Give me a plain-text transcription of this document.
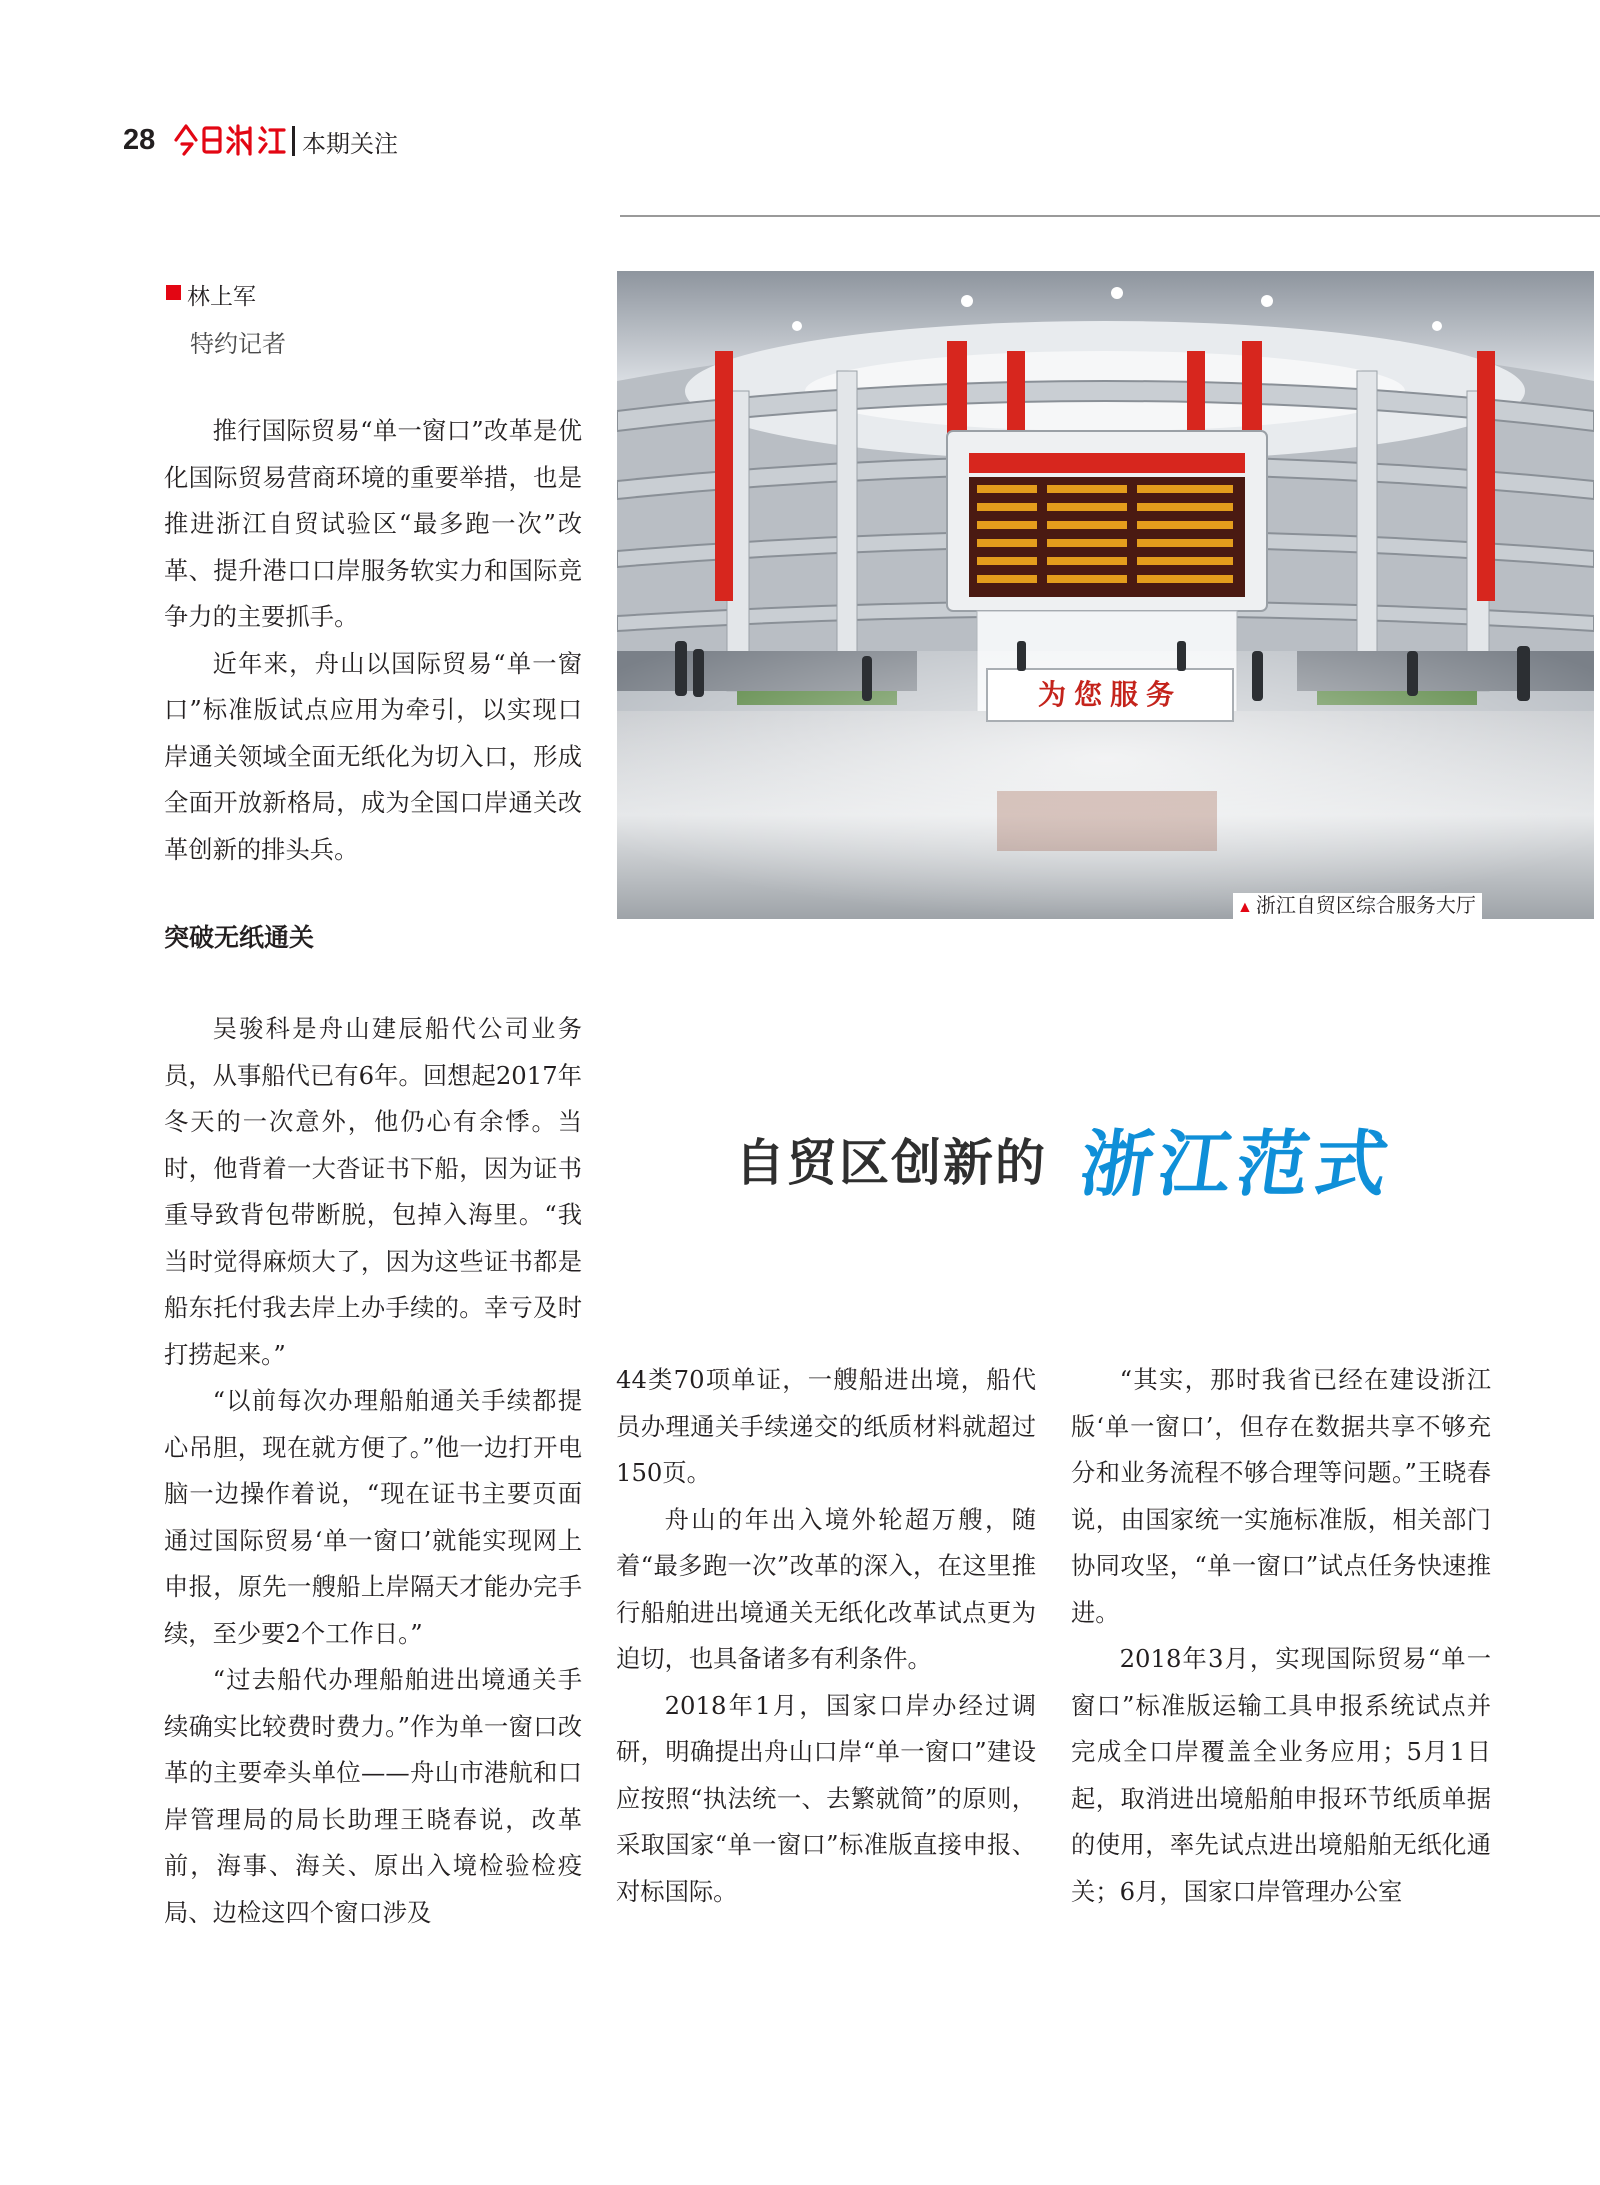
28	本期关注
林上军
特约记者

推行国际贸易“单一窗口”改革是优化国际贸易营商环境的重要举措，也是推进浙江自贸试验区“最多跑一次”改革、提升港口口岸服务软实力和国际竞争力的主要抓手。

近年来，舟山以国际贸易“单一窗口”标准版试点应用为牵引，以实现口岸通关领域全面无纸化为切入口，形成全面开放新格局，成为全国口岸通关改革创新的排头兵。

突破无纸通关
为您服务
▲ 浙江自贸区综合服务大厅
自贸区创新的 浙江范式

吴骏科是舟山建辰船代公司业务员，从事船代已有6年。回想起2017年冬天的一次意外，他仍心有余悸。当时，他背着一大沓证书下船，因为证书重导致背包带断脱，包掉入海里。“我当时觉得麻烦大了，因为这些证书都是船东托付我去岸上办手续的。幸亏及时打捞起来。”

“以前每次办理船舶通关手续都提心吊胆，现在就方便了。”他一边打开电脑一边操作着说，“现在证书主要页面通过国际贸易‘单一窗口’就能实现网上申报，原先一艘船上岸隔天才能办完手续，至少要2个工作日。”

“过去船代办理船舶进出境通关手续确实比较费时费力。”作为单一窗口改革的主要牵头单位——舟山市港航和口岸管理局的局长助理王晓春说，改革前，海事、海关、原出入境检验检疫局、边检这四个窗口涉及

44类70项单证，一艘船进出境，船代员办理通关手续递交的纸质材料就超过150页。

舟山的年出入境外轮超万艘，随着“最多跑一次”改革的深入，在这里推行船舶进出境通关无纸化改革试点更为迫切，也具备诸多有利条件。

2018年1月，国家口岸办经过调研，明确提出舟山口岸“单一窗口”建设应按照“执法统一、去繁就简”的原则，采取国家“单一窗口”标准版直接申报、对标国际。

“其实，那时我省已经在建设浙江版‘单一窗口’，但存在数据共享不够充分和业务流程不够合理等问题。”王晓春说，由国家统一实施标准版，相关部门协同攻坚，“单一窗口”试点任务快速推进。

2018年3月，实现国际贸易“单一窗口”标准版运输工具申报系统试点并完成全口岸覆盖全业务应用；5月1日起，取消进出境船舶申报环节纸质单据的使用，率先试点进出境船舶无纸化通关；6月，国家口岸管理办公室
